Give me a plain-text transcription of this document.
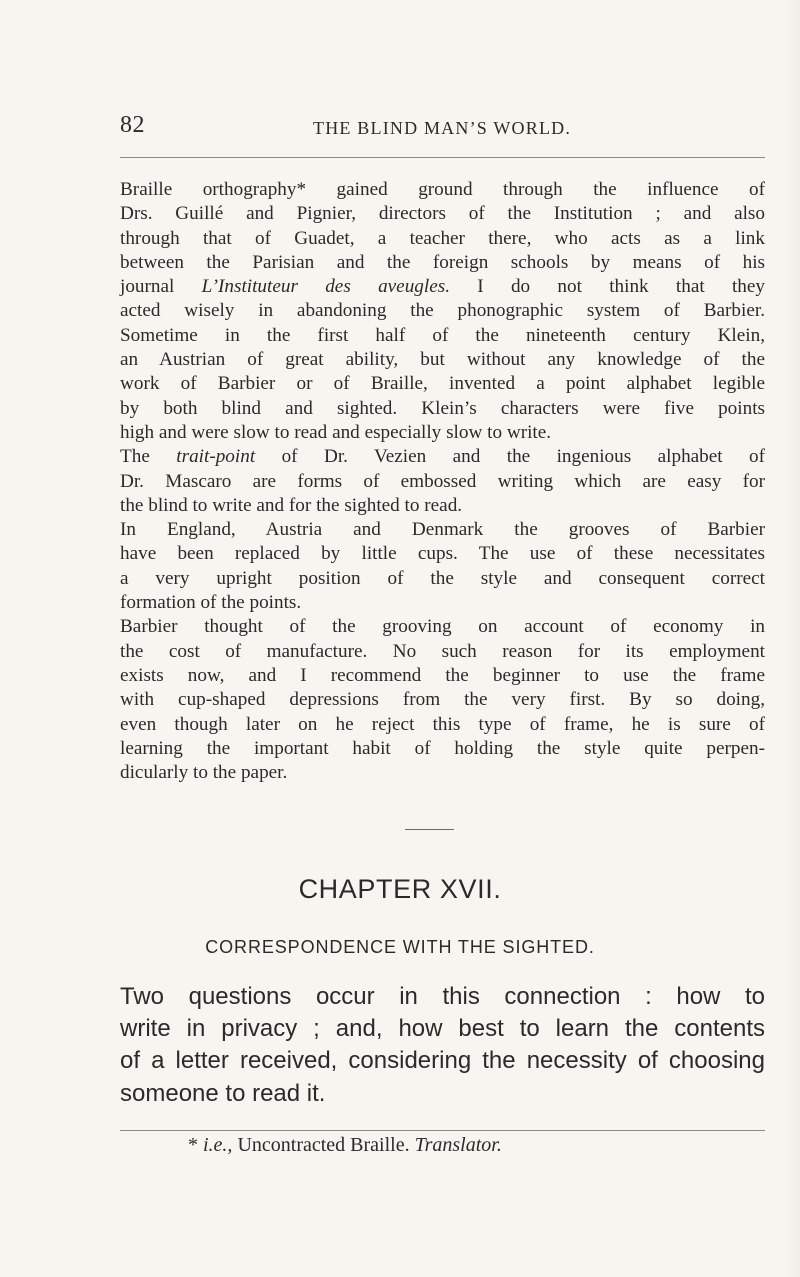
82	THE BLIND MAN’S WORLD.
Braille orthography* gained ground through the influence of
Drs. Guillé and Pignier, directors of the Institution ; and also
through that of Guadet, a teacher there, who acts as a link
between the Parisian and the foreign schools by means of his
journal L’Instituteur des aveugles. I do not think that they
acted wisely in abandoning the phonographic system of Barbier.
Sometime in the first half of the nineteenth century Klein,
an Austrian of great ability, but without any knowledge of the
work of Barbier or of Braille, invented a point alphabet legible
by both blind and sighted. Klein’s characters were five points
high and were slow to read and especially slow to write.
The trait-point of Dr. Vezien and the ingenious alphabet of
Dr. Mascaro are forms of embossed writing which are easy for
the blind to write and for the sighted to read.
In England, Austria and Denmark the grooves of Barbier
have been replaced by little cups. The use of these necessitates
a very upright position of the style and consequent correct
formation of the points.
Barbier thought of the grooving on account of economy in
the cost of manufacture. No such reason for its employment
exists now, and I recommend the beginner to use the frame
with cup-shaped depressions from the very first. By so doing,
even though later on he reject this type of frame, he is sure of
learning the important habit of holding the style quite perpen-
dicularly to the paper.
CHAPTER XVII.
CORRESPONDENCE WITH THE SIGHTED.
Two questions occur in this connection : how to
write in privacy ; and, how best to learn the contents
of a letter received, considering the necessity of choosing
someone to read it.
* i.e., Uncontracted Braille. Translator.
